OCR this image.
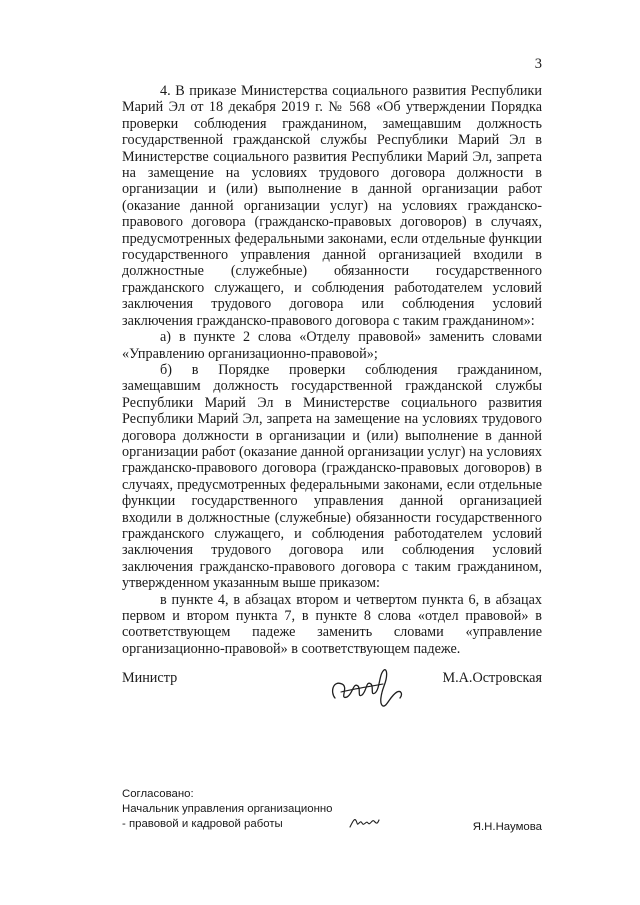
3

4. В приказе Министерства социального развития Республики Марий Эл от 18 декабря 2019 г. № 568 «Об утверждении Порядка проверки соблюдения гражданином, замещавшим должность государственной гражданской службы Республики Марий Эл в Министерстве социального развития Республики Марий Эл, запрета на замещение на условиях трудового договора должности в организации и (или) выполнение в данной организации работ (оказание данной организации услуг) на условиях гражданско-правового договора (гражданско-правовых договоров) в случаях, предусмотренных федеральными законами, если отдельные функции государственного управления данной организацией входили в должностные (служебные) обязанности государственного гражданского служащего, и соблюдения работодателем условий заключения трудового договора или соблюдения условий заключения гражданско-правового договора с таким гражданином»:

а) в пункте 2 слова «Отделу правовой» заменить словами «Управлению организационно-правовой»;

б) в Порядке проверки соблюдения гражданином, замещавшим должность государственной гражданской службы Республики Марий Эл в Министерстве социального развития Республики Марий Эл, запрета на замещение на условиях трудового договора должности в организации и (или) выполнение в данной организации работ (оказание данной организации услуг) на условиях гражданско-правового договора (гражданско-правовых договоров) в случаях, предусмотренных федеральными законами, если отдельные функции государственного управления данной организацией входили в должностные (служебные) обязанности государственного гражданского служащего, и соблюдения работодателем условий заключения трудового договора или соблюдения условий заключения гражданско-правового договора с таким гражданином, утвержденном указанным выше приказом:

в пункте 4, в абзацах втором и четвертом пункта 6, в абзацах первом и втором пункта 7, в пункте 8 слова «отдел правовой» в соответствующем падеже заменить словами «управление организационно-правовой» в соответствующем падеже.

Министр	М.А.Островская
Согласовано:
Начальник управления организационно
- правовой и кадровой работы	Я.Н.Наумова
